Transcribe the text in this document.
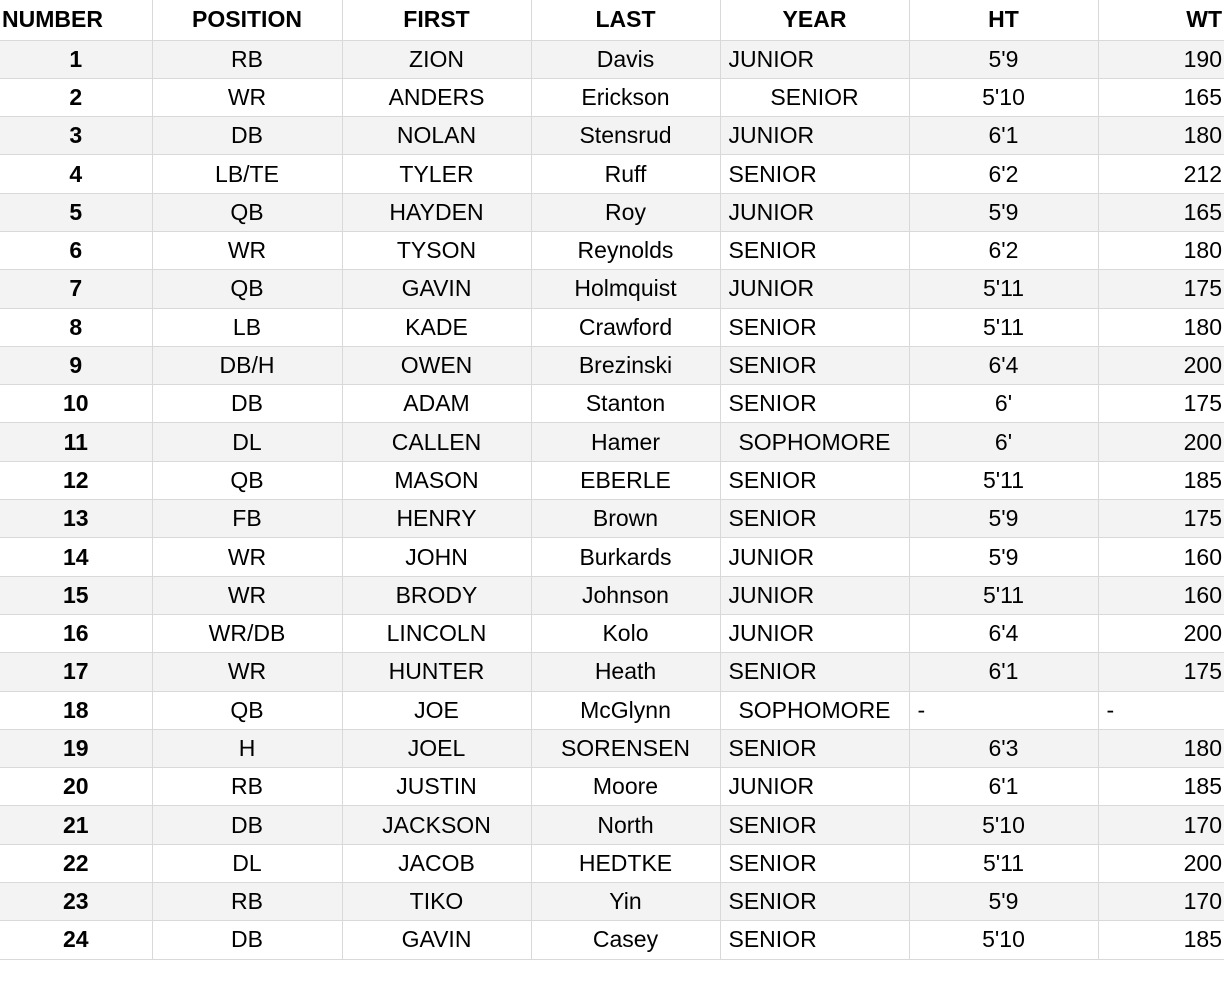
NUMBER	POSITION	FIRST	LAST	YEAR	HT	WT
1	RB	ZION	Davis	JUNIOR	5'9	190
2	WR	ANDERS	Erickson	SENIOR	5'10	165
3	DB	NOLAN	Stensrud	JUNIOR	6'1	180
4	LB/TE	TYLER	Ruff	SENIOR	6'2	212
5	QB	HAYDEN	Roy	JUNIOR	5'9	165
6	WR	TYSON	Reynolds	SENIOR	6'2	180
7	QB	GAVIN	Holmquist	JUNIOR	5'11	175
8	LB	KADE	Crawford	SENIOR	5'11	180
9	DB/H	OWEN	Brezinski	SENIOR	6'4	200
10	DB	ADAM	Stanton	SENIOR	6'	175
11	DL	CALLEN	Hamer	SOPHOMORE	6'	200
12	QB	MASON	EBERLE	SENIOR	5'11	185
13	FB	HENRY	Brown	SENIOR	5'9	175
14	WR	JOHN	Burkards	JUNIOR	5'9	160
15	WR	BRODY	Johnson	JUNIOR	5'11	160
16	WR/DB	LINCOLN	Kolo	JUNIOR	6'4	200
17	WR	HUNTER	Heath	SENIOR	6'1	175
18	QB	JOE	McGlynn	SOPHOMORE	-	-
19	H	JOEL	SORENSEN	SENIOR	6'3	180
20	RB	JUSTIN	Moore	JUNIOR	6'1	185
21	DB	JACKSON	North	SENIOR	5'10	170
22	DL	JACOB	HEDTKE	SENIOR	5'11	200
23	RB	TIKO	Yin	SENIOR	5'9	170
24	DB	GAVIN	Casey	SENIOR	5'10	185
